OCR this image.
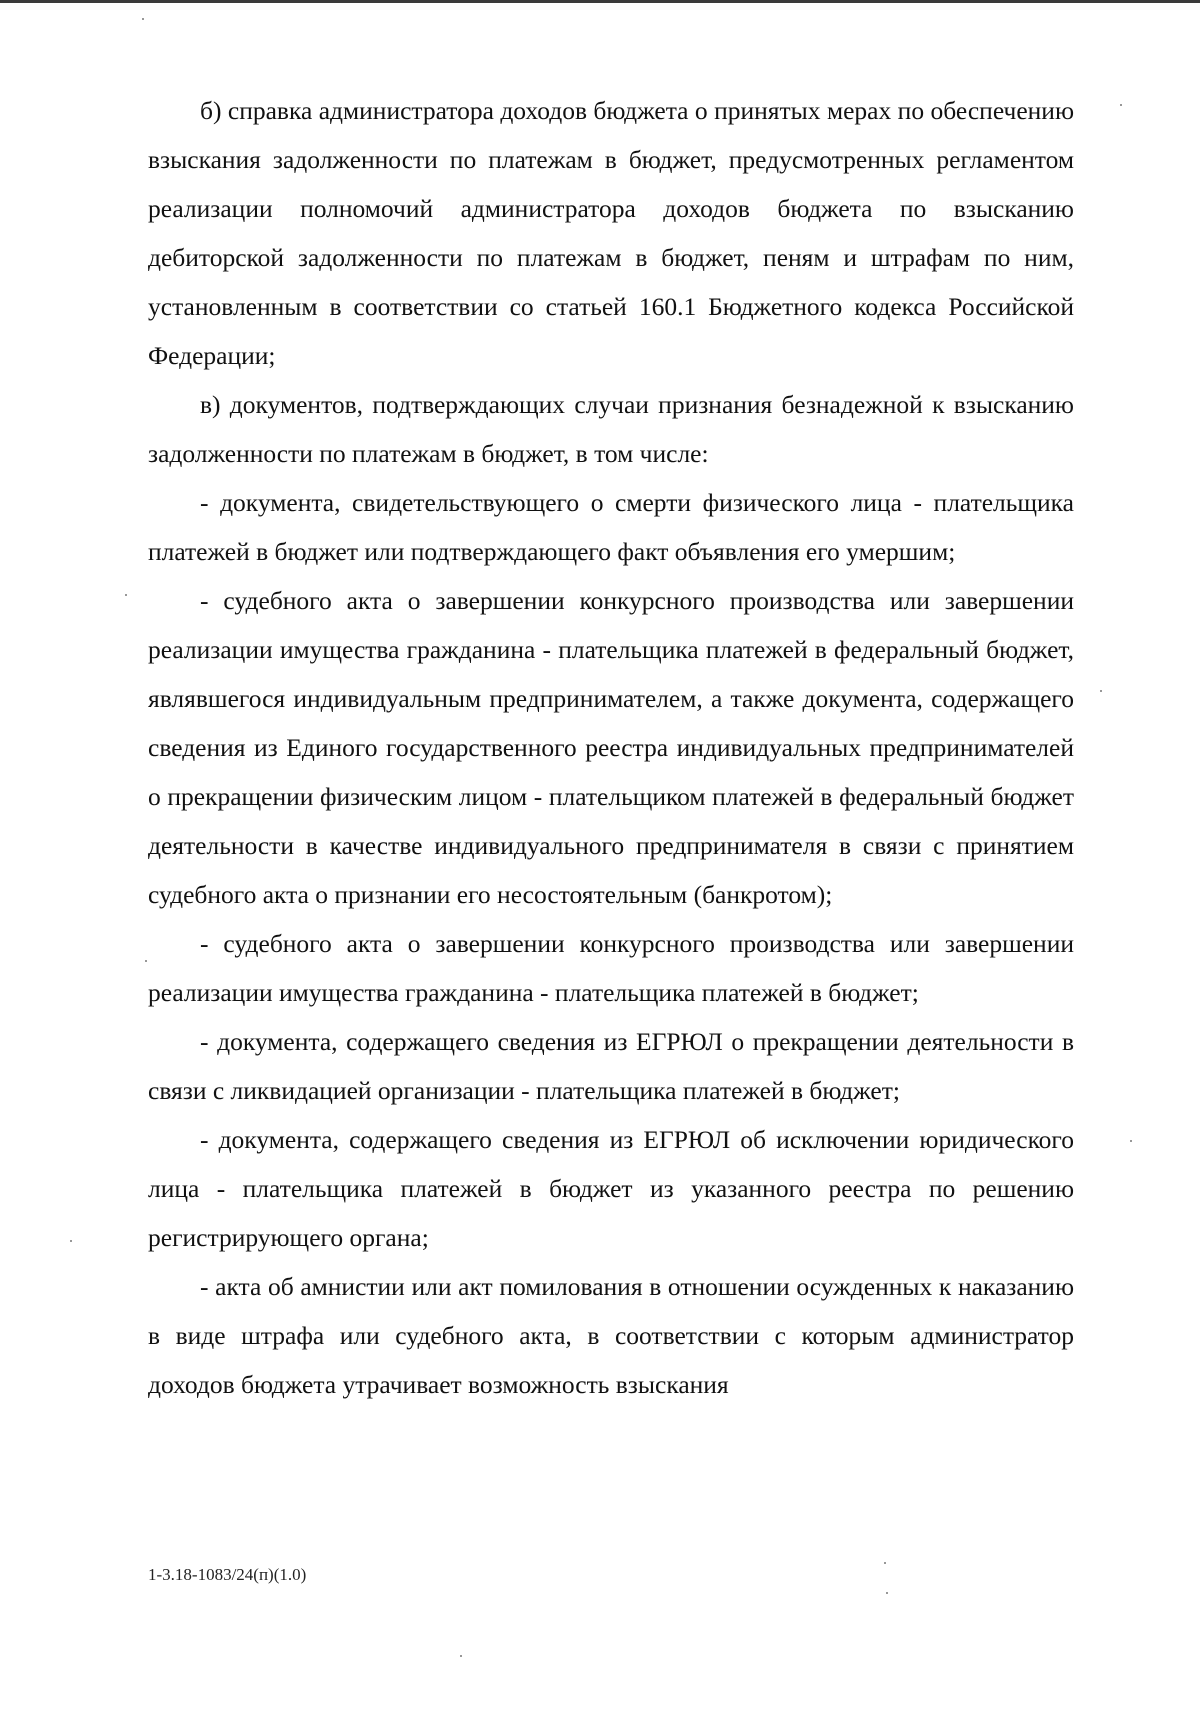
б) справка администратора доходов бюджета о принятых мерах по обеспечению взыскания задолженности по платежам в бюджет, предусмотренных регламентом реализации полномочий администратора доходов бюджета по взысканию дебиторской задолженности по платежам в бюджет, пеням и штрафам по ним, установленным в соответствии со статьей 160.1 Бюджетного кодекса Российской Федерации;

в) документов, подтверждающих случаи признания безнадежной к взысканию задолженности по платежам в бюджет, в том числе:

- документа, свидетельствующего о смерти физического лица - плательщика платежей в бюджет или подтверждающего факт объявления его умершим;

- судебного акта о завершении конкурсного производства или завершении реализации имущества гражданина - плательщика платежей в федеральный бюджет, являвшегося индивидуальным предпринимателем, а также документа, содержащего сведения из Единого государственного реестра индивидуальных предпринимателей о прекращении физическим лицом - плательщиком платежей в федеральный бюджет деятельности в качестве индивидуального предпринимателя в связи с принятием судебного акта о признании его несостоятельным (банкротом);

- судебного акта о завершении конкурсного производства или завершении реализации имущества гражданина - плательщика платежей в бюджет;

- документа, содержащего сведения из ЕГРЮЛ о прекращении деятельности в связи с ликвидацией организации - плательщика платежей в бюджет;

- документа, содержащего сведения из ЕГРЮЛ об исключении юридического лица - плательщика платежей в бюджет из указанного реестра по решению регистрирующего органа;

- акта об амнистии или акт помилования в отношении осужденных к наказанию в виде штрафа или судебного акта, в соответствии с которым администратор доходов бюджета утрачивает возможность взыскания

1-3.18-1083/24(п)(1.0)
